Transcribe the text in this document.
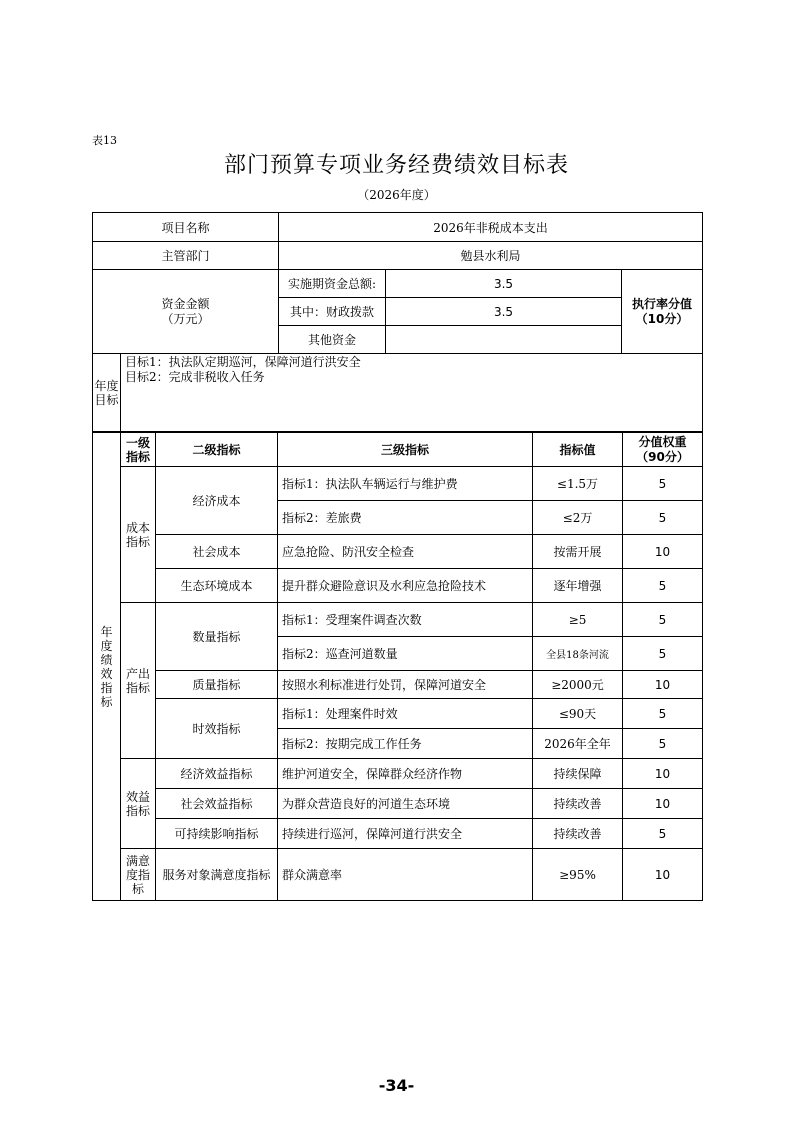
表13
部门预算专项业务经费绩效目标表
（2026年度）
项目名称		2026年非税成本支出		
主管部门		勉县水利局		

资金金额
（万元）		实施期资金总额:	3.5	执行率分值（10分）
		其中：财政拨款	3.5	
		其他资金		
年度目标	目标1：执法队定期巡河，保障河道行洪安全
目标2：完成非税收入任务			
年度绩效指标	一级指标	二级指标	三级指标	指标值	分值权重（90分）
	成本指标	经济成本	指标1：执法队车辆运行与维护费	≤1.5万	5
			指标2：差旅费	≤2万	5
		社会成本	应急抢险、防汛安全检查	按需开展	10
		生态环境成本	提升群众避险意识及水利应急抢险技术	逐年增强	5
	产出指标	数量指标	指标1：受理案件调查次数	≥5	5
			指标2：巡查河道数量	全县18条河流	5
		质量指标	按照水利标准进行处罚，保障河道安全	≥2000元	10
		时效指标	指标1：处理案件时效	≤90天	5
			指标2：按期完成工作任务	2026年全年	5
	效益指标	经济效益指标	维护河道安全，保障群众经济作物	持续保障	10
		社会效益指标	为群众营造良好的河道生态环境	持续改善	10
		可持续影响指标	持续进行巡河，保障河道行洪安全	持续改善	5
	满意度指标	服务对象满意度指标	群众满意率	≥95%	10
-34-
